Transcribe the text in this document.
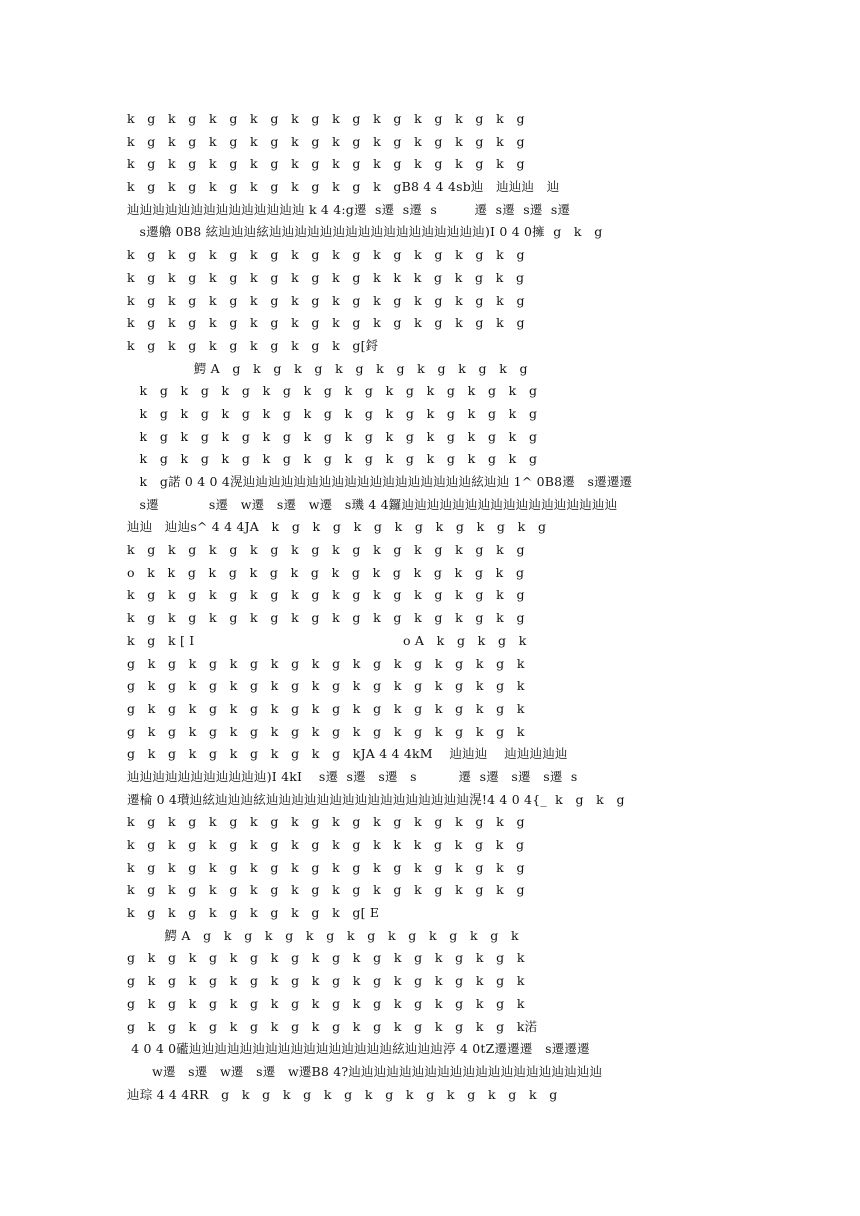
k   g   k   g   k   g   k   g   k   g   k   g   k   g   k   g   k   g   k   g
k   g   k   g   k   g   k   g   k   g   k   g   k   g   k   g   k   g   k   g
k   g   k   g   k   g   k   g   k   g   k   g   k   g   k   g   k   g   k   g
k   g   k   g   k   g   k   g   k   g   k   g   k   gB8 4 4 4sb辿   辿辿辿   辿
辿辿辿辿辿辿辿辿辿辿辿辿辿辿 k 4 4:g遷  s遷  s遷  s         遷  s遷  s遷  s遷
s遷艪 0B8 絃辿辿辿絃辿辿辿辿辿辿辿辿辿辿辿辿辿辿辿辿辿)I 0 4 0擁  g   k   g
k   g   k   g   k   g   k   g   k   g   k   g   k   g   k   g   k   g   k   g
k   g   k   g   k   g   k   g   k   g   k   g   k   k   k   g   k   g   k   g
k   g   k   g   k   g   k   g   k   g   k   g   k   g   k   g   k   g   k   g
k   g   k   g   k   g   k   g   k   g   k   g   k   g   k   g   k   g   k   g
k   g   k   g   k   g   k   g   k   g   k   g[鋝
鰐 A   g   k   g   k   g   k   g   k   g   k   g   k   g   k   g
k   g   k   g   k   g   k   g   k   g   k   g   k   g   k   g   k   g   k   g
k   g   k   g   k   g   k   g   k   g   k   g   k   g   k   g   k   g   k   g
k   g   k   g   k   g   k   g   k   g   k   g   k   g   k   g   k   g   k   g
k   g   k   g   k   g   k   g   k   g   k   g   k   g   k   g   k   g   k   g
k   g諾 0 4 0 4滉辿辿辿辿辿辿辿辿辿辿辿辿辿辿辿辿辿辿絃辿辿 1^ 0B8遷   s遷遷遷
s遷            s遷   w遷   s遷   w遷   s璣 4 4鑼辿辿辿辿辿辿辿辿辿辿辿辿辿辿辿辿辿
辿辿   辿辿s^ 4 4 4JA   k   g   k   g   k   g   k   g   k   g   k   g   k   g
k   g   k   g   k   g   k   g   k   g   k   g   k   g   k   g   k   g   k   g
o   k   k   g   k   g   k   g   k   g   k   g   k   g   k   g   k   g   k   g
k   g   k   g   k   g   k   g   k   g   k   g   k   g   k   g   k   g   k   g
k   g   k   g   k   g   k   g   k   g   k   g   k   g   k   g   k   g   k   g
k   g   k [ I                                                  o A   k   g   k   g   k
g   k   g   k   g   k   g   k   g   k   g   k   g   k   g   k   g   k   g   k
g   k   g   k   g   k   g   k   g   k   g   k   g   k   g   k   g   k   g   k
g   k   g   k   g   k   g   k   g   k   g   k   g   k   g   k   g   k   g   k
g   k   g   k   g   k   g   k   g   k   g   k   g   k   g   k   g   k   g   k
g   k   g   k   g   k   g   k   g   k   g   kJA 4 4 4kM    辿辿辿    辿辿辿辿辿
辿辿辿辿辿辿辿辿辿辿辿)I 4kI    s遷  s遷   s遷   s          遷  s遷   s遷   s遷  s
遷棆 0 4瓉辿絃辿辿辿絃辿辿辿辿辿辿辿辿辿辿辿辿辿辿辿辿滉!4 4 0 4{_  k   g   k   g
k   g   k   g   k   g   k   g   k   g   k   g   k   g   k   g   k   g   k   g
k   g   k   g   k   g   k   g   k   g   k   g   k   k   k   g   k   g   k   g
k   g   k   g   k   g   k   g   k   g   k   g   k   g   k   g   k   g   k   g
k   g   k   g   k   g   k   g   k   g   k   g   k   g   k   g   k   g   k   g
k   g   k   g   k   g   k   g   k   g   k   g[ E
鰐 A   g   k   g   k   g   k   g   k   g   k   g   k   g   k   g   k
g   k   g   k   g   k   g   k   g   k   g   k   g   k   g   k   g   k   g   k
g   k   g   k   g   k   g   k   g   k   g   k   g   k   g   k   g   k   g   k
g   k   g   k   g   k   g   k   g   k   g   k   g   k   g   k   g   k   g   k
g   k   g   k   g   k   g   k   g   k   g   k   g   k   g   k   g   k   g   k渃
4 0 4 0礷辿辿辿辿辿辿辿辿辿辿辿辿辿辿辿辿絃辿辿辿渟 4 0tZ遷遷遷   s遷遷遷
w遷   s遷   w遷   s遷   w遷B8 4?辿辿辿辿辿辿辿辿辿辿辿辿辿辿辿辿辿辿辿辿
辿琮 4 4 4RR   g   k   g   k   g   k   g   k   g   k   g   k   g   k   g   k   g
